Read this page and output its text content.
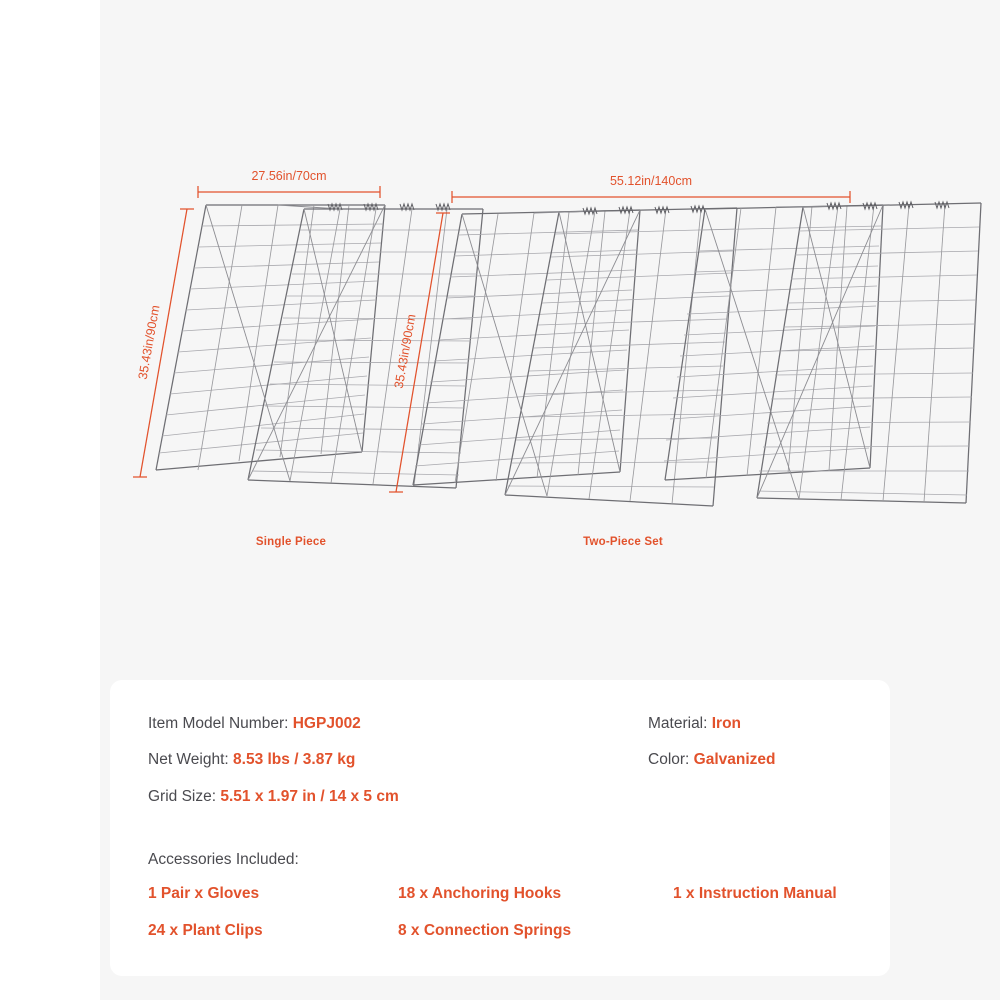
27.56in/70cm
35.43in/90cm
Single Piece
55.12in/140cm
35.43in/90cm
Two-Piece Set
Item Model Number: HGPJ002
Net Weight: 8.53 lbs / 3.87 kg
Grid Size: 5.51 x 1.97 in / 14 x 5 cm
Material: Iron
Color: Galvanized
Accessories Included:
1 Pair x Gloves	18 x Anchoring Hooks	1 x Instruction Manual
24 x Plant Clips	8 x Connection Springs
